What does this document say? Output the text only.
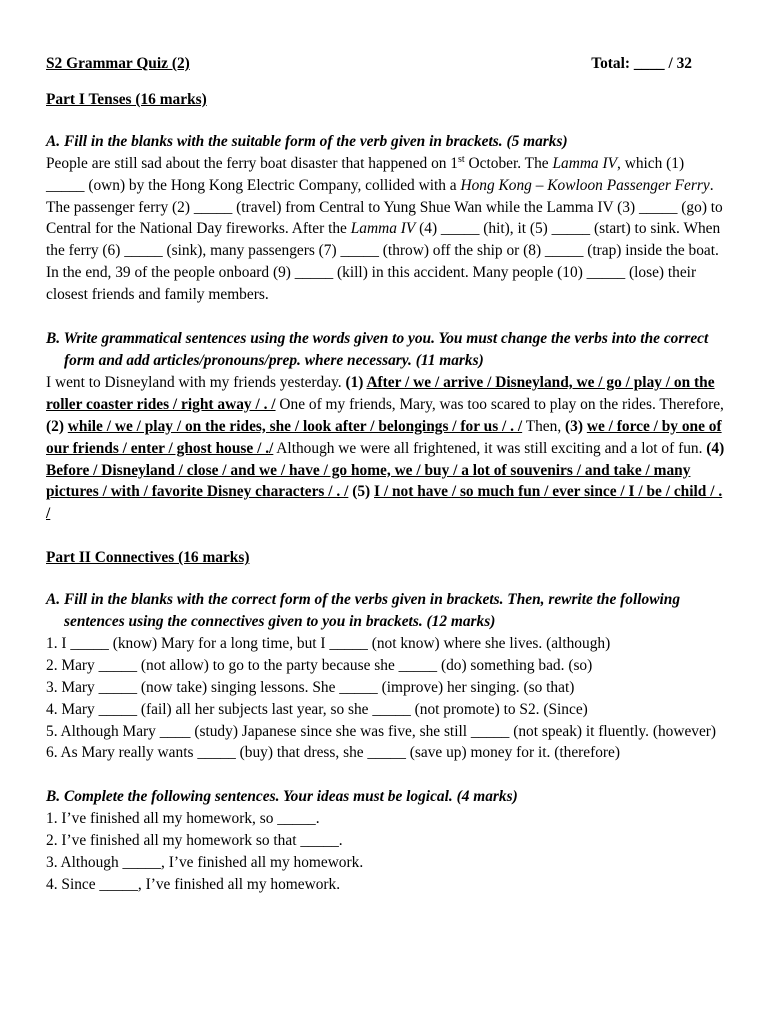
S2 Grammar Quiz (2)	Total: ____ / 32
Part I Tenses (16 marks)
A. Fill in the blanks with the suitable form of the verb given in brackets. (5 marks)
People are still sad about the ferry boat disaster that happened on 1st October. The Lamma IV, which (1) _____ (own) by the Hong Kong Electric Company, collided with a Hong Kong – Kowloon Passenger Ferry. The passenger ferry (2) _____ (travel) from Central to Yung Shue Wan while the Lamma IV (3) _____ (go) to Central for the National Day fireworks. After the Lamma IV (4) _____ (hit), it (5) _____ (start) to sink. When the ferry (6) _____ (sink), many passengers (7) _____ (throw) off the ship or (8) _____ (trap) inside the boat. In the end, 39 of the people onboard (9) _____ (kill) in this accident. Many people (10) _____ (lose) their closest friends and family members.
B. Write grammatical sentences using the words given to you. You must change the verbs into the correct form and add articles/pronouns/prep. where necessary. (11 marks)
I went to Disneyland with my friends yesterday. (1) After / we / arrive / Disneyland, we / go / play / on the roller coaster rides / right away / . / One of my friends, Mary, was too scared to play on the rides. Therefore, (2) while / we / play / on the rides, she / look after / belongings / for us / . / Then, (3) we / force / by one of our friends / enter / ghost house / ./ Although we were all frightened, it was still exciting and a lot of fun. (4) Before / Disneyland / close / and we / have / go home, we / buy / a lot of souvenirs / and take / many pictures / with / favorite Disney characters / . / (5) I / not have / so much fun / ever since / I / be / child / . /
Part II Connectives (16 marks)
A. Fill in the blanks with the correct form of the verbs given in brackets. Then, rewrite the following sentences using the connectives given to you in brackets. (12 marks)
1. I _____ (know) Mary for a long time, but I _____ (not know) where she lives. (although)
2. Mary _____ (not allow) to go to the party because she _____ (do) something bad. (so)
3. Mary _____ (now take) singing lessons. She _____ (improve) her singing. (so that)
4. Mary _____ (fail) all her subjects last year, so she _____ (not promote) to S2. (Since)
5. Although Mary ____ (study) Japanese since she was five, she still _____ (not speak) it fluently. (however)
6. As Mary really wants _____ (buy) that dress, she _____ (save up) money for it. (therefore)
B. Complete the following sentences. Your ideas must be logical. (4 marks)
1. I’ve finished all my homework, so _____.
2. I’ve finished all my homework so that _____.
3. Although _____, I’ve finished all my homework.
4. Since _____, I’ve finished all my homework.
